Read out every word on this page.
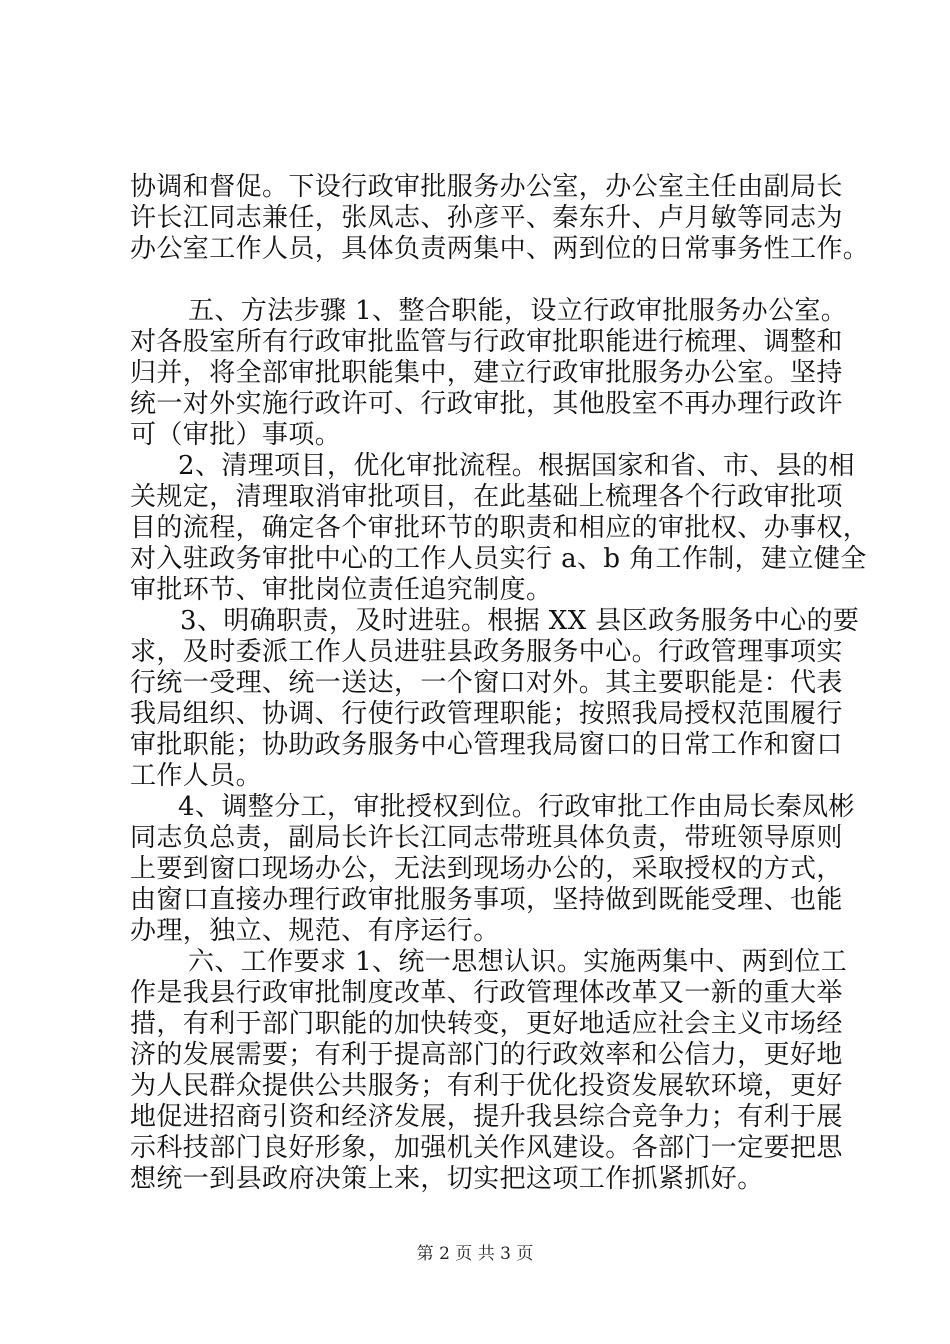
协调和督促。下设行政审批服务办公室，办公室主任由副局长
许长江同志兼任，张凤志、孙彦平、秦东升、卢月敏等同志为
办公室工作人员，具体负责两集中、两到位的日常事务性工作。
五、方法步骤 1、整合职能，设立行政审批服务办公室。
对各股室所有行政审批监管与行政审批职能进行梳理、调整和
归并，将全部审批职能集中，建立行政审批服务办公室。坚持
统一对外实施行政许可、行政审批，其他股室不再办理行政许
可（审批）事项。
2、清理项目，优化审批流程。根据国家和省、市、县的相
关规定，清理取消审批项目，在此基础上梳理各个行政审批项
目的流程，确定各个审批环节的职责和相应的审批权、办事权，
对入驻政务审批中心的工作人员实行 a、b 角工作制，建立健全
审批环节、审批岗位责任追究制度。
3、明确职责，及时进驻。根据 XX 县区政务服务中心的要
求，及时委派工作人员进驻县政务服务中心。行政管理事项实
行统一受理、统一送达，一个窗口对外。其主要职能是：代表
我局组织、协调、行使行政管理职能；按照我局授权范围履行
审批职能；协助政务服务中心管理我局窗口的日常工作和窗口
工作人员。
4、调整分工，审批授权到位。行政审批工作由局长秦凤彬
同志负总责，副局长许长江同志带班具体负责，带班领导原则
上要到窗口现场办公，无法到现场办公的，采取授权的方式，
由窗口直接办理行政审批服务事项，坚持做到既能受理、也能
办理，独立、规范、有序运行。
六、工作要求 1、统一思想认识。实施两集中、两到位工
作是我县行政审批制度改革、行政管理体改革又一新的重大举
措，有利于部门职能的加快转变，更好地适应社会主义市场经
济的发展需要；有利于提高部门的行政效率和公信力，更好地
为人民群众提供公共服务；有利于优化投资发展软环境，更好
地促进招商引资和经济发展，提升我县综合竞争力；有利于展
示科技部门良好形象，加强机关作风建设。各部门一定要把思
想统一到县政府决策上来，切实把这项工作抓紧抓好。
第 2 页 共 3 页
